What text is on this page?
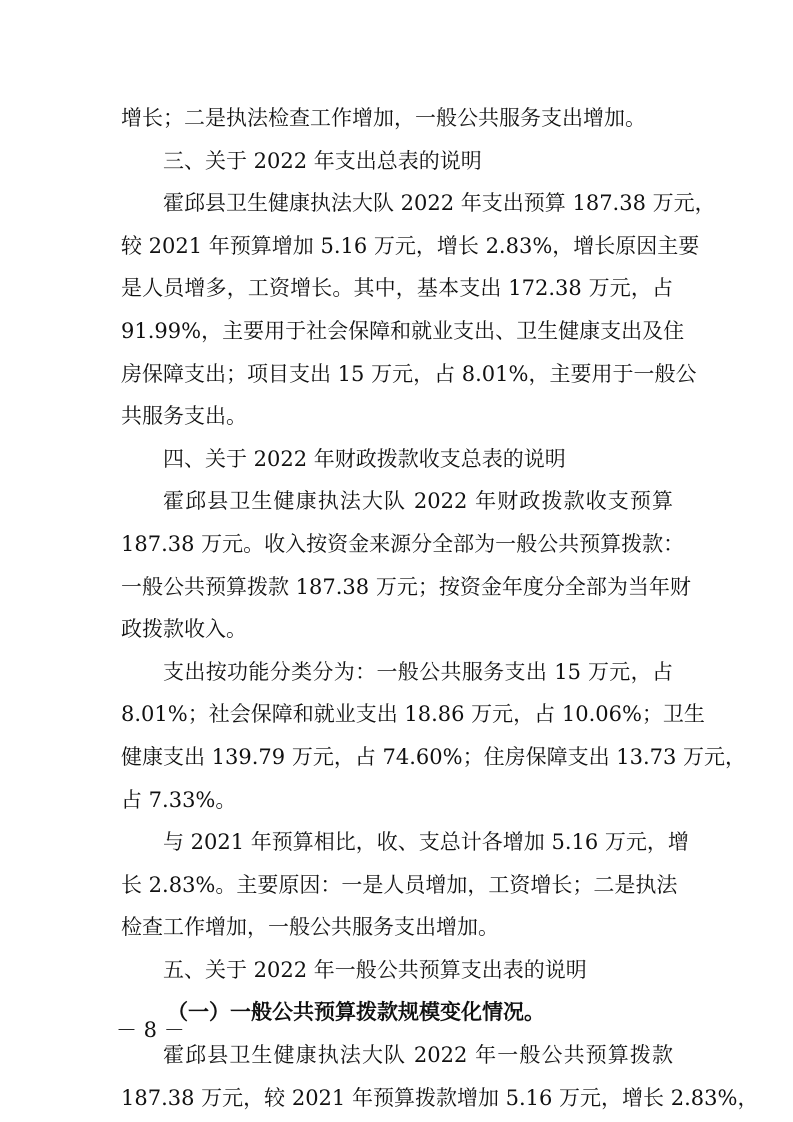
增长；二是执法检查工作增加，一般公共服务支出增加。
三、关于 2022 年支出总表的说明
霍邱县卫生健康执法大队 2022 年支出预算 187.38 万元，
较 2021 年预算增加 5.16 万元，增长 2.83%，增长原因主要
是人员增多，工资增长。其中，基本支出 172.38 万元，占
91.99%，主要用于社会保障和就业支出、卫生健康支出及住
房保障支出；项目支出 15 万元，占 8.01%，主要用于一般公
共服务支出。
四、关于 2022 年财政拨款收支总表的说明
霍邱县卫生健康执法大队 2022 年财政拨款收支预算
187.38 万元。收入按资金来源分全部为一般公共预算拨款：
一般公共预算拨款 187.38 万元；按资金年度分全部为当年财
政拨款收入。
支出按功能分类分为：一般公共服务支出 15 万元，占
8.01%；社会保障和就业支出 18.86 万元，占 10.06%；卫生
健康支出 139.79 万元，占 74.60%；住房保障支出 13.73 万元，
占 7.33%。
与 2021 年预算相比，收、支总计各增加 5.16 万元，增
长 2.83%。主要原因：一是人员增加，工资增长；二是执法
检查工作增加，一般公共服务支出增加。
五、关于 2022 年一般公共预算支出表的说明
（一）一般公共预算拨款规模变化情况。
霍邱县卫生健康执法大队 2022 年一般公共预算拨款
187.38 万元，较 2021 年预算拨款增加 5.16 万元，增长 2.83%，
－ 8 －
